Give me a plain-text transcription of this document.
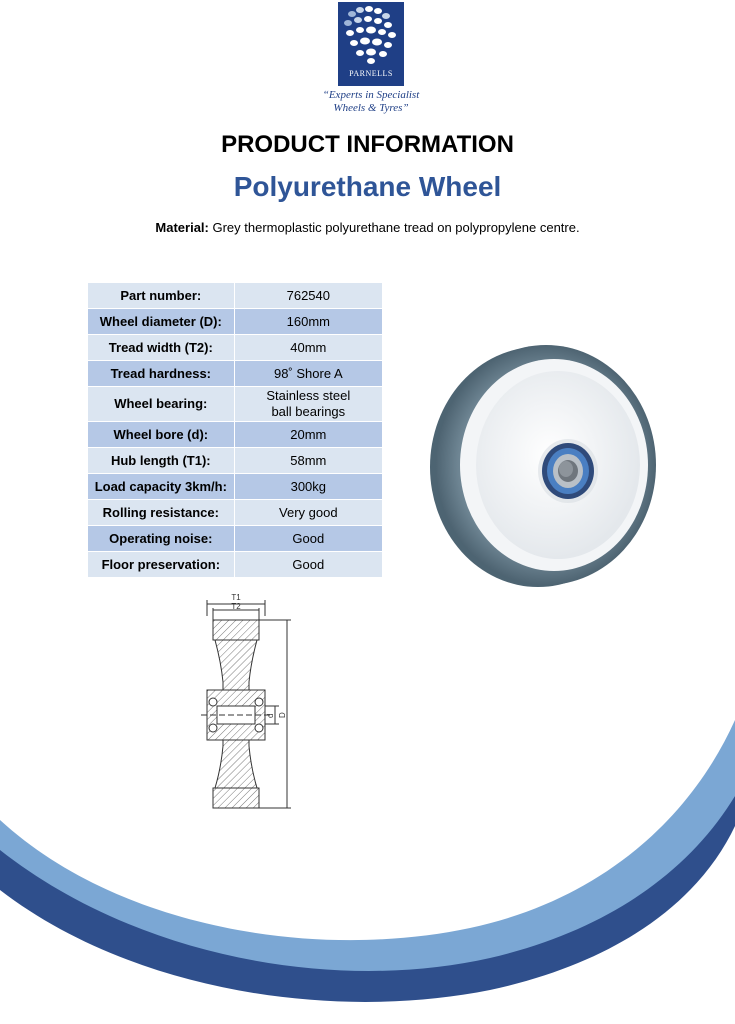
PARNELLS
“Experts in Specialist
Wheels & Tyres”
PRODUCT INFORMATION
Polyurethane Wheel
Material: Grey thermoplastic polyurethane tread on polypropylene centre.
Part number:	762540
Wheel diameter (D):	160mm
Tread width (T2):	40mm
Tread hardness:	98˚ Shore A
Wheel bearing:	Stainless steel
ball bearings

Wheel bore (d):	20mm
Hub length (T1):	58mm
Load capacity 3km/h:	300kg
Rolling resistance:	Very good
Operating noise:	Good
Floor preservation:	Good
T1
T2
d D
